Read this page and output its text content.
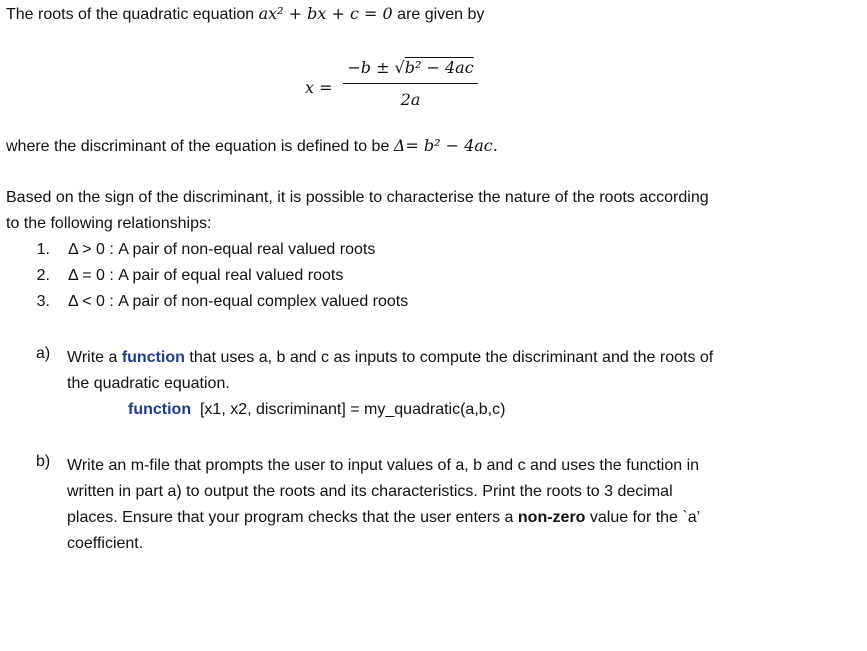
The roots of the quadratic equation ax² + bx + c = 0 are given by
x =
−b ± √b² − 4ac
2a
where the discriminant of the equation is defined to be Δ= b² − 4ac.
Based on the sign of the discriminant, it is possible to characterise the nature of the roots according
to the following relationships:
1. Δ > 0 : A pair of non-equal real valued roots
2. Δ = 0 : A pair of equal real valued roots
3. Δ < 0 : A pair of non-equal complex valued roots
a) Write a function that uses a, b and c as inputs to compute the discriminant and the roots of
the quadratic equation.
function [x1, x2, discriminant] = my_quadratic(a,b,c)
b) Write an m-file that prompts the user to input values of a, b and c and uses the function in
written in part a) to output the roots and its characteristics. Print the roots to 3 decimal
places. Ensure that your program checks that the user enters a non-zero value for the `a’
coefficient.
